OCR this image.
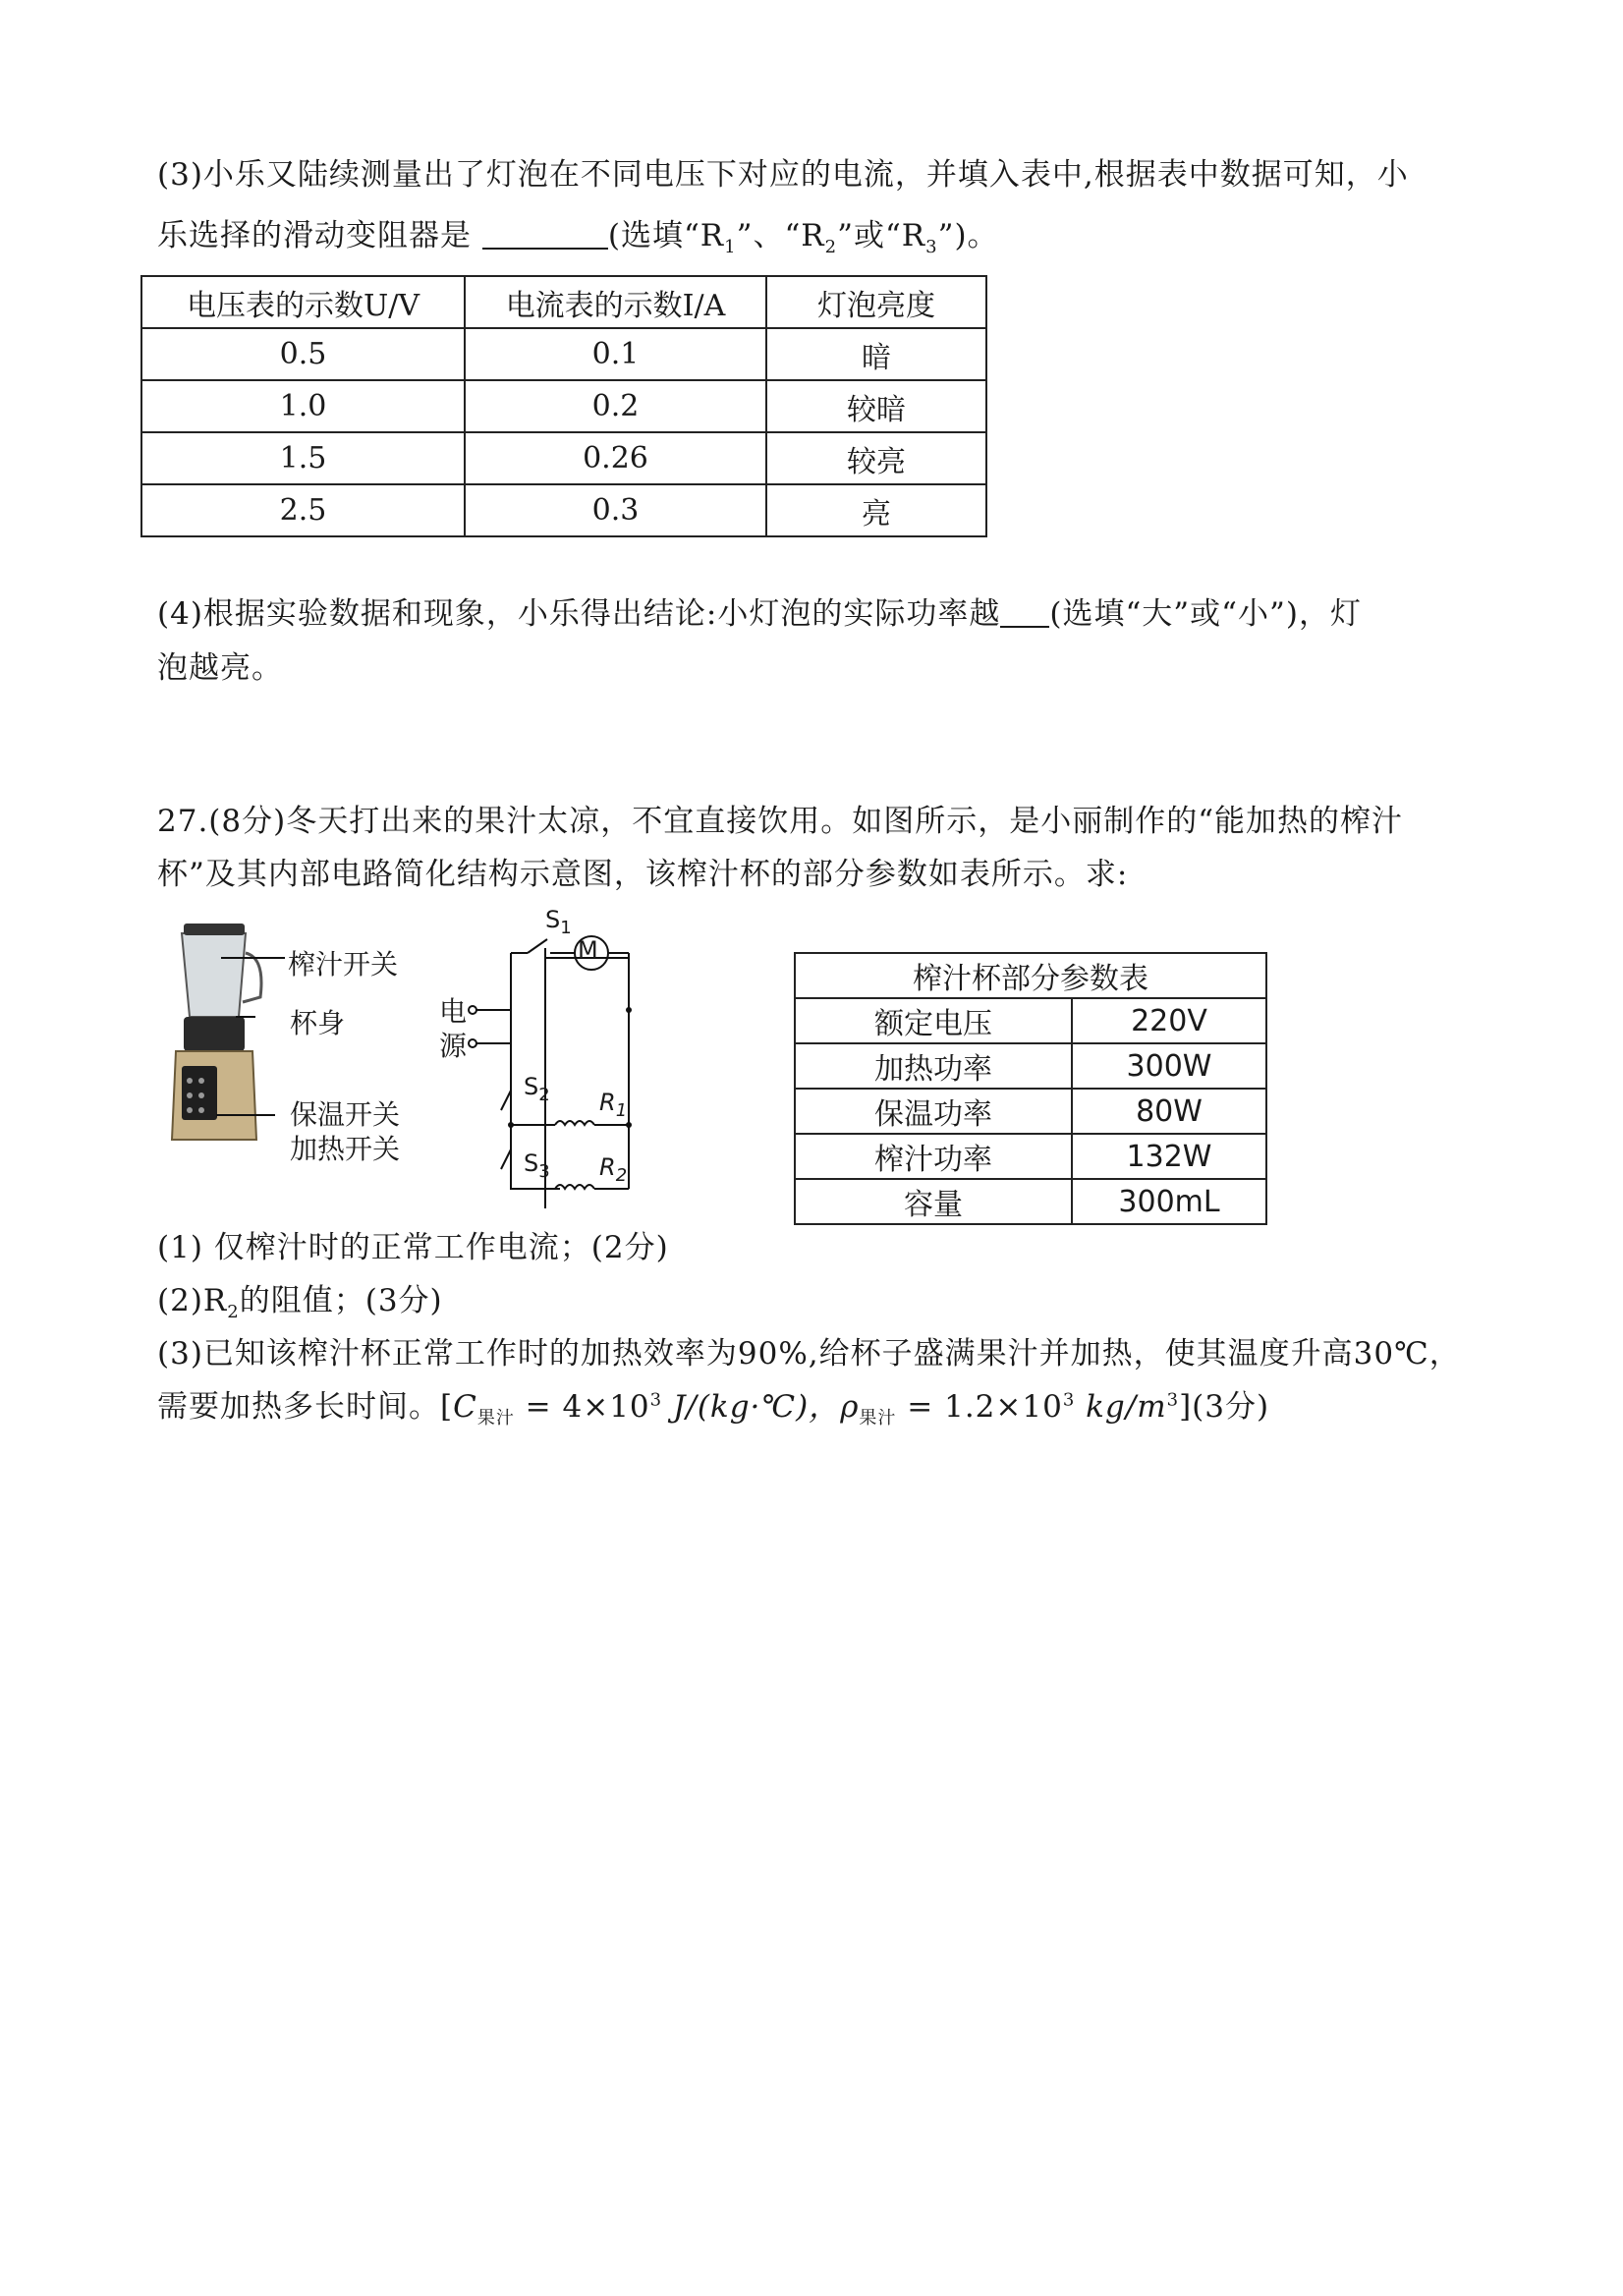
(3)小乐又陆续测量出了灯泡在不同电压下对应的电流，并填入表中,根据表中数据可知，小
乐选择的滑动变阻器是	(选填“$R_1$”、“$R_2$”或“$R_3$”)。
电压表的示数U/V	电流表的示数I/A	灯泡亮度
0.5	0.1	暗
1.0	0.2	较暗
1.5	0.26	较亮
2.5	0.3	亮
(4)根据实验数据和现象，小乐得出结论:小灯泡的实际功率越 (选填“大”或“小”)，灯
泡越亮。
27.(8分)冬天打出来的果汁太凉，不宜直接饮用。如图所示，是小丽制作的“能加热的榨汁
杯”及其内部电路简化结构示意图，该榨汁杯的部分参数如表所示。求:
榨汁开关
杯身
保温开关
加热开关
电
源
M
$S_1$
$S_2$
$S_3$
$R_1$
$R_2$
榨汁杯部分参数表	
额定电压	220V
加热功率	300W
保温功率	80W
榨汁功率	132W
容量	300mL
(1) 仅榨汁时的正常工作电流；(2分)
$(2)R_2$的阻值；(3分)
(3)已知该榨汁杯正常工作时的加热效率为90%,给杯子盛满果汁并加热，使其温度升高30℃，
需要加热多长时间。[$C_{果汁} = 4\times 10^3$ J/(kg·℃)，$\rho_{果汁} = 1.2\times 10^3$ $kg/m^3](3$分)
